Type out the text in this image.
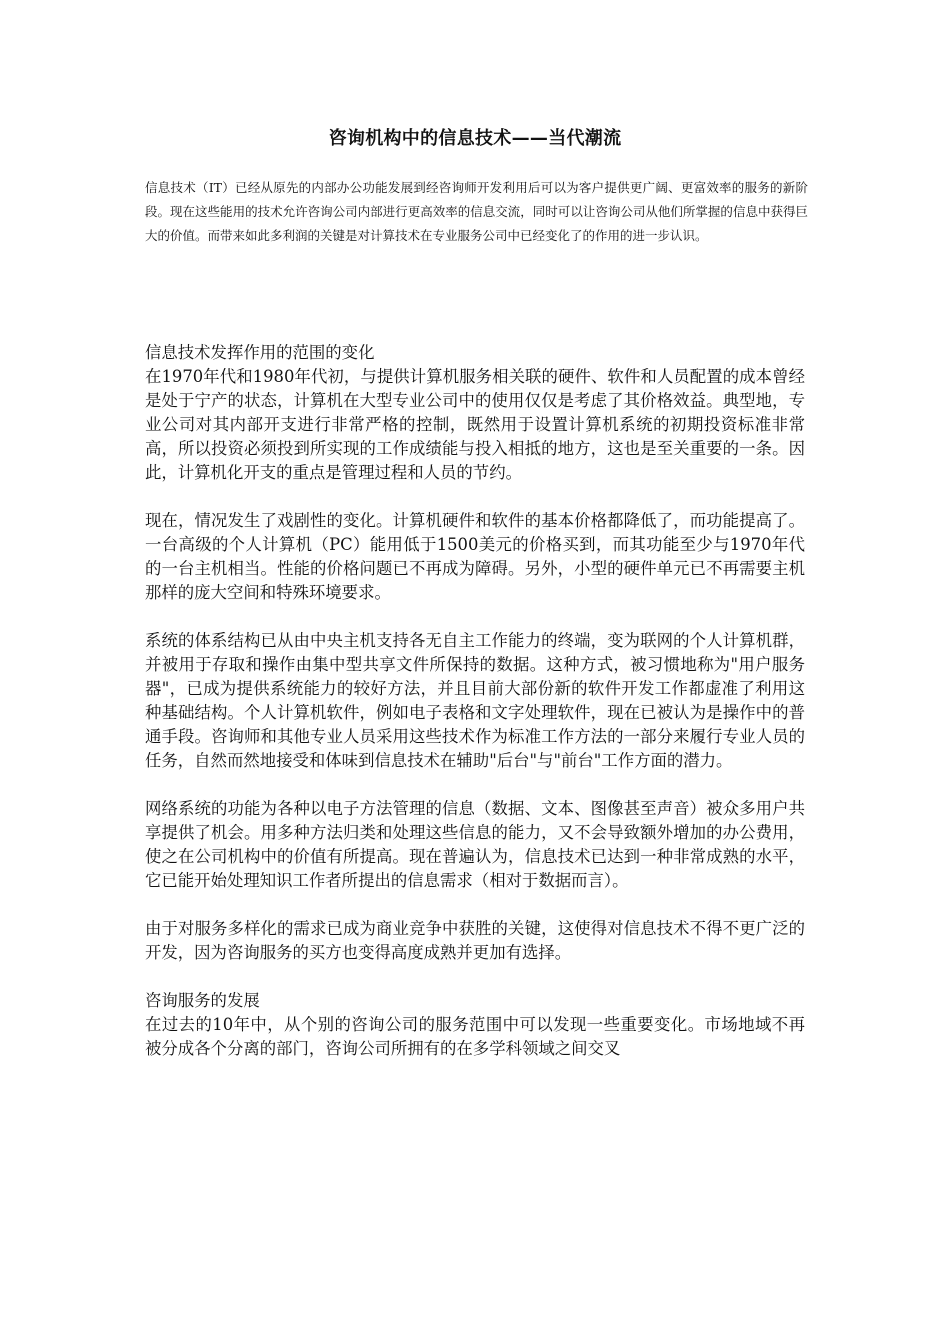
咨询机构中的信息技术——当代潮流
信息技术（IT）已经从原先的内部办公功能发展到经咨询师开发利用后可以为客户提供更广阔、更富效率的服务的新阶段。现在这些能用的技术允许咨询公司内部进行更高效率的信息交流，同时可以让咨询公司从他们所掌握的信息中获得巨大的价值。而带来如此多利润的关键是对计算技术在专业服务公司中已经变化了的作用的进一步认识。
信息技术发挥作用的范围的变化

在1970年代和1980年代初，与提供计算机服务相关联的硬件、软件和人员配置的成本曾经是处于宁产的状态，计算机在大型专业公司中的使用仅仅是考虑了其价格效益。典型地，专业公司对其内部开支进行非常严格的控制，既然用于设置计算机系统的初期投资标准非常高，所以投资必须投到所实现的工作成绩能与投入相抵的地方，这也是至关重要的一条。因此，计算机化开支的重点是管理过程和人员的节约。

现在，情况发生了戏剧性的变化。计算机硬件和软件的基本价格都降低了，而功能提高了。一台高级的个人计算机（PC）能用低于1500美元的价格买到，而其功能至少与1970年代的一台主机相当。性能的价格问题已不再成为障碍。另外，小型的硬件单元已不再需要主机那样的庞大空间和特殊环境要求。

系统的体系结构已从由中央主机支持各无自主工作能力的终端，变为联网的个人计算机群，并被用于存取和操作由集中型共享文件所保持的数据。这种方式，被习惯地称为"用户服务器"，已成为提供系统能力的较好方法，并且目前大部份新的软件开发工作都虚准了利用这种基础结构。个人计算机软件，例如电子表格和文字处理软件，现在已被认为是操作中的普通手段。咨询师和其他专业人员采用这些技术作为标准工作方法的一部分来履行专业人员的任务，自然而然地接受和体味到信息技术在辅助"后台"与"前台"工作方面的潜力。

网络系统的功能为各种以电子方法管理的信息（数据、文本、图像甚至声音）被众多用户共享提供了机会。用多种方法归类和处理这些信息的能力，又不会导致额外增加的办公费用，使之在公司机构中的价值有所提高。现在普遍认为，信息技术已达到一种非常成熟的水平，它已能开始处理知识工作者所提出的信息需求（相对于数据而言）。

由于对服务多样化的需求已成为商业竞争中获胜的关键，这使得对信息技术不得不更广泛的开发，因为咨询服务的买方也变得高度成熟并更加有选择。

咨询服务的发展

在过去的10年中，从个别的咨询公司的服务范围中可以发现一些重要变化。市场地域不再被分成各个分离的部门，咨询公司所拥有的在多学科领域之间交叉
